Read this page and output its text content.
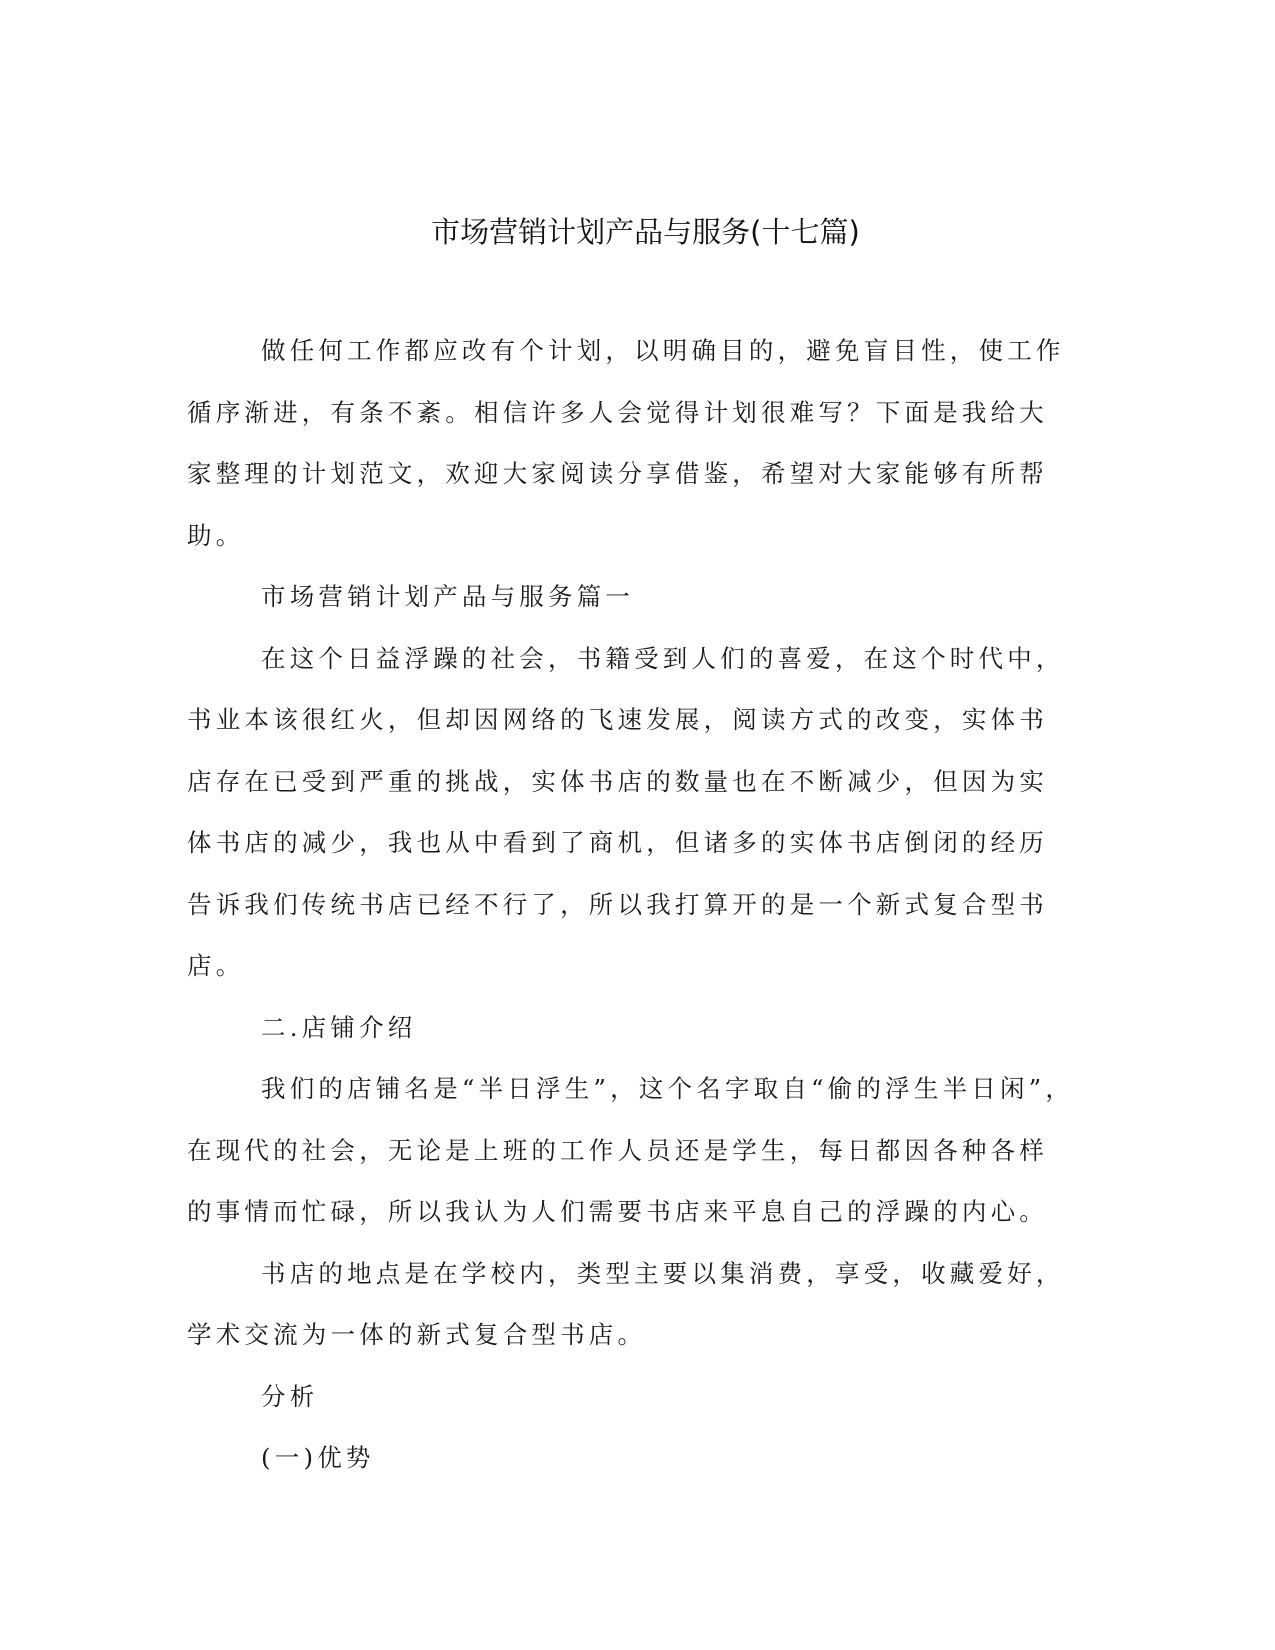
市场营销计划产品与服务(十七篇)

做任何工作都应改有个计划，以明确目的，避免盲目性，使工作
循序渐进，有条不紊。相信许多人会觉得计划很难写？下面是我给大
家整理的计划范文，欢迎大家阅读分享借鉴，希望对大家能够有所帮
助。

市场营销计划产品与服务篇一

在这个日益浮躁的社会，书籍受到人们的喜爱，在这个时代中，
书业本该很红火，但却因网络的飞速发展，阅读方式的改变，实体书
店存在已受到严重的挑战，实体书店的数量也在不断减少，但因为实
体书店的减少，我也从中看到了商机，但诸多的实体书店倒闭的经历
告诉我们传统书店已经不行了，所以我打算开的是一个新式复合型书
店。

二.店铺介绍

我们的店铺名是“半日浮生”，这个名字取自“偷的浮生半日闲”，
在现代的社会，无论是上班的工作人员还是学生，每日都因各种各样
的事情而忙碌，所以我认为人们需要书店来平息自己的浮躁的内心。

书店的地点是在学校内，类型主要以集消费，享受，收藏爱好，
学术交流为一体的新式复合型书店。

分析

(一)优势
